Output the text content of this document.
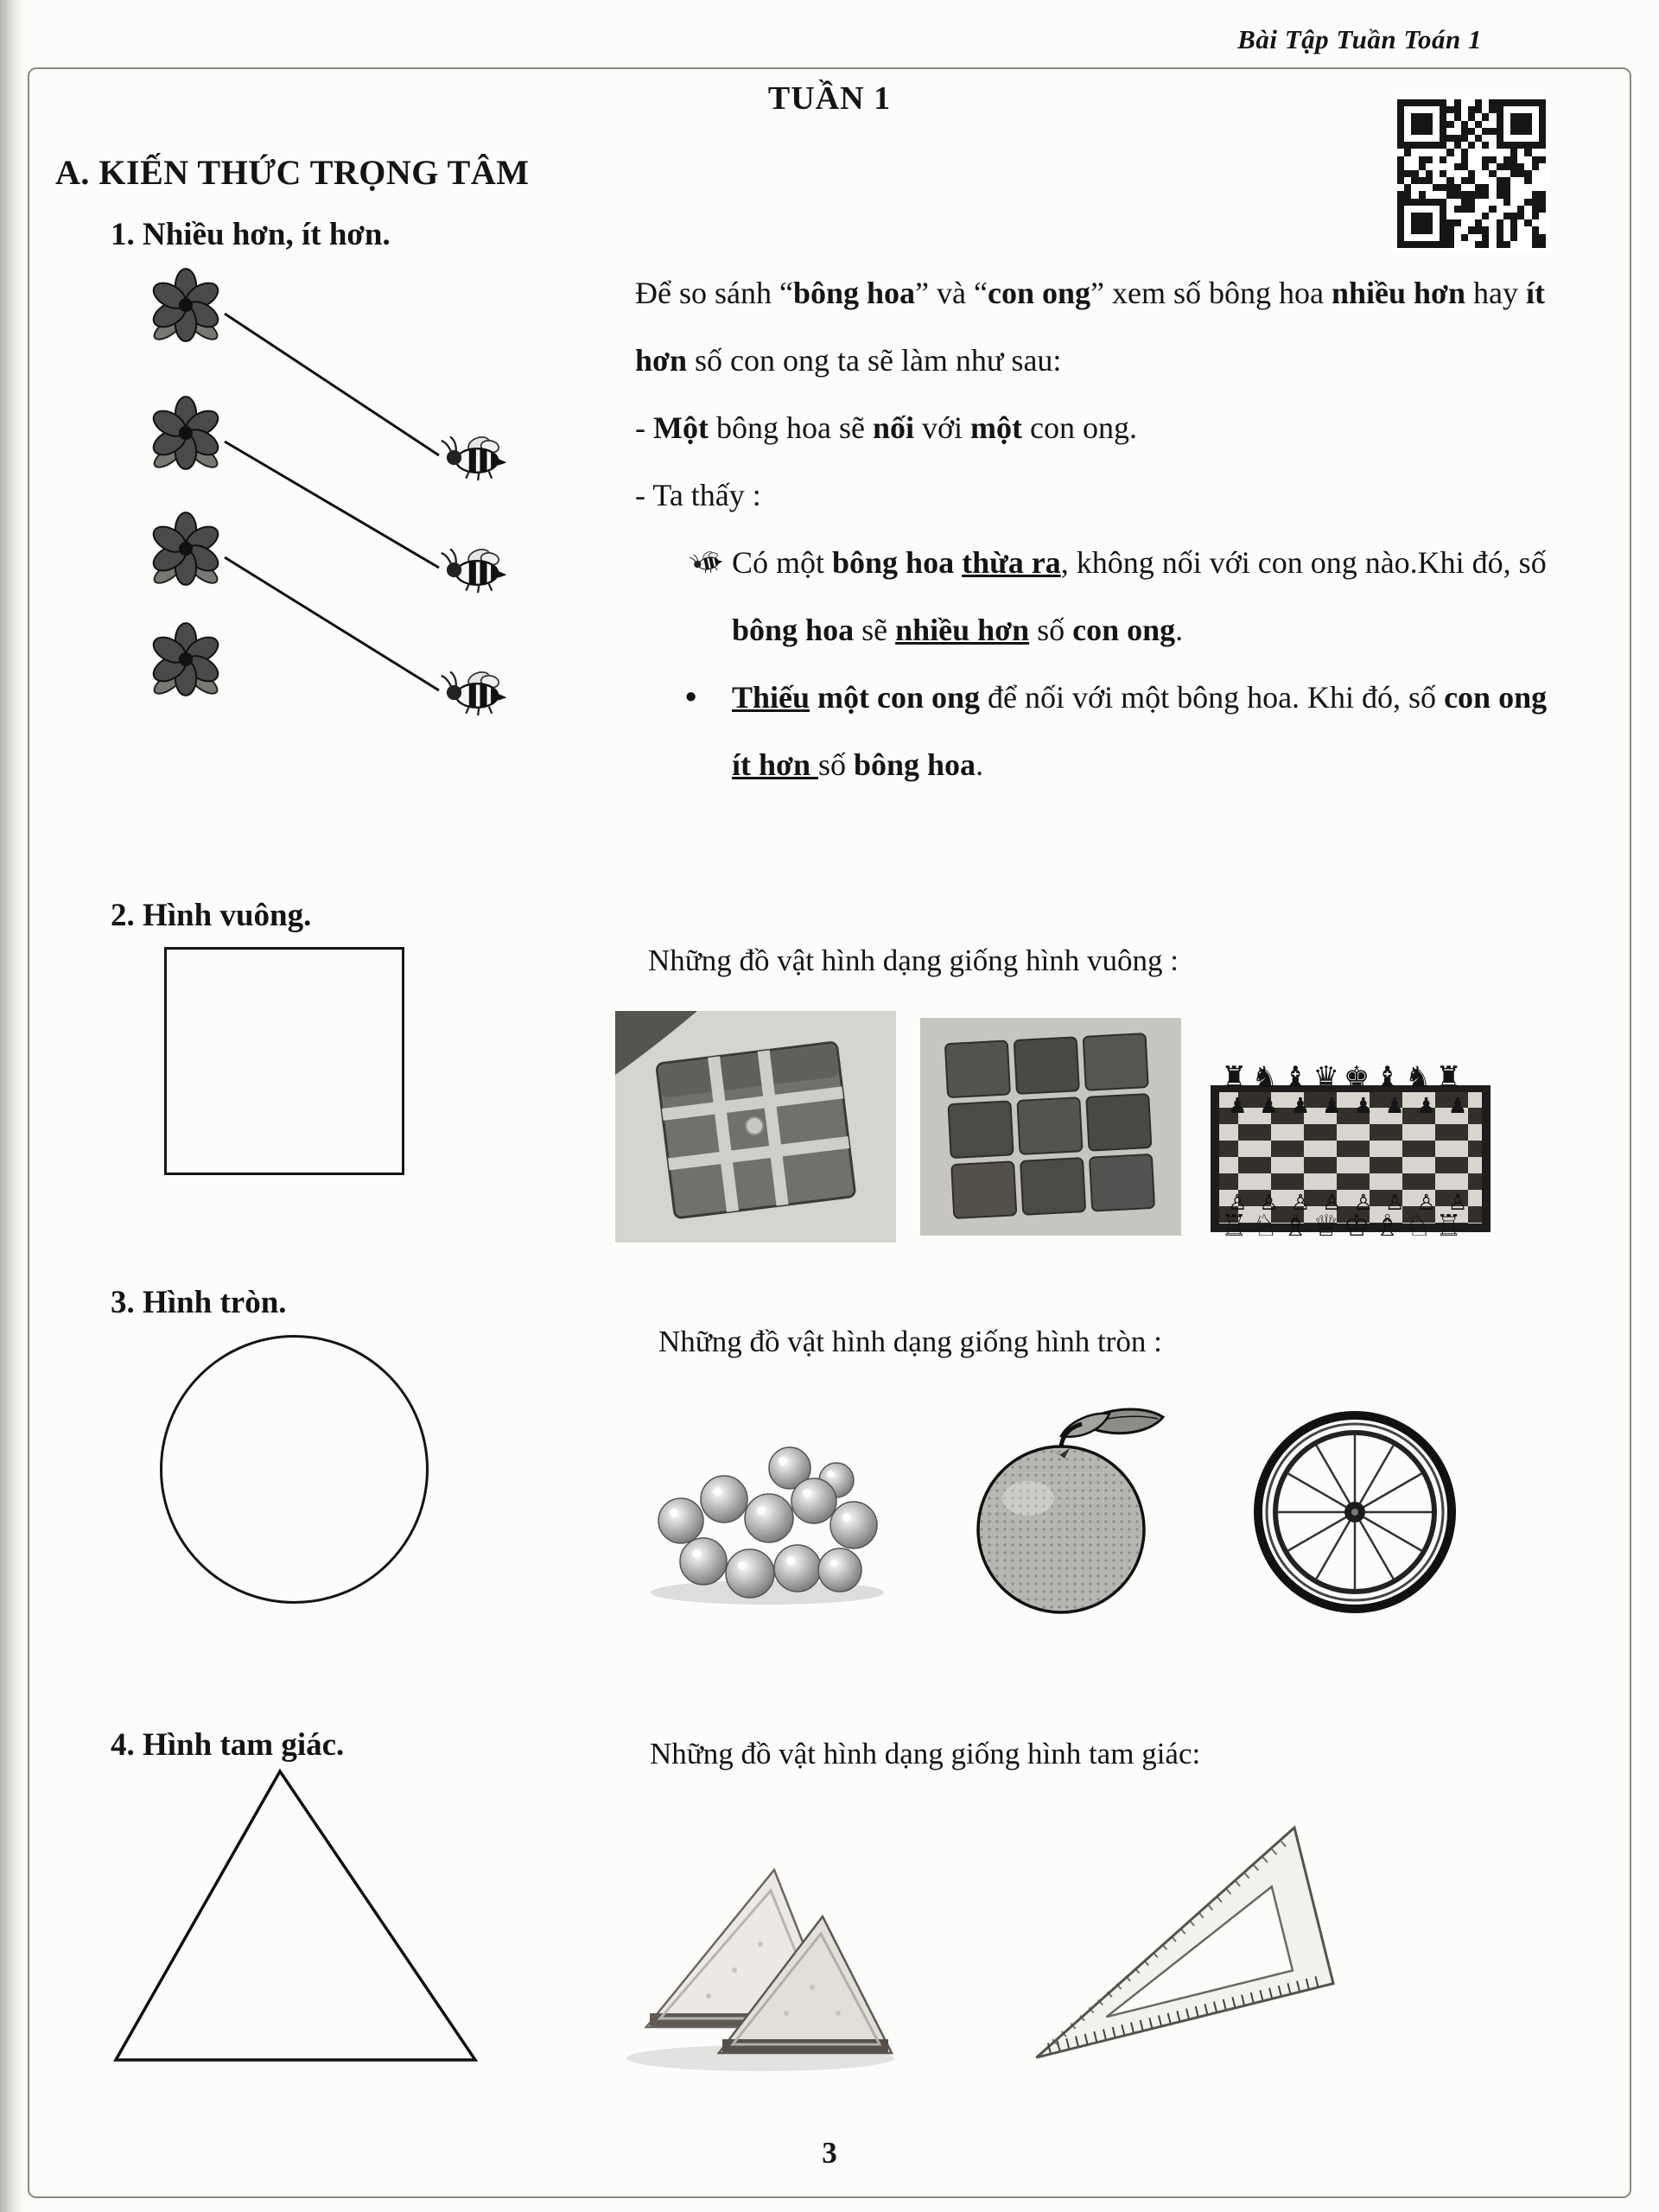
Bài Tập Tuần Toán 1
TUẦN 1
A. KIẾN THỨC TRỌNG TÂM
1. Nhiều hơn, ít hơn.

Để so sánh “bông hoa” và “con ong” xem số bông hoa nhiều hơn hay ít hơn số con ong ta sẽ làm như sau:

- Một bông hoa sẽ nối với một con ong.

- Ta thấy :

Có một bông hoa thừa ra, không nối với con ong nào.Khi đó, số bông hoa sẽ nhiều hơn số con ong.
•	Thiếu một con ong để nối với một bông hoa. Khi đó, số con ong ít hơn số bông hoa.
2. Hình vuông.
Những đồ vật hình dạng giống hình vuông :
♜♞♝♛♚♝♞♜
♟♟♟♟♟♟♟♟
♙♙♙♙♙♙♙♙
♖♘♗♕♔♗♘♖
3. Hình tròn.
Những đồ vật hình dạng giống hình tròn :
4. Hình tam giác.	Những đồ vật hình dạng giống hình tam giác:
3
